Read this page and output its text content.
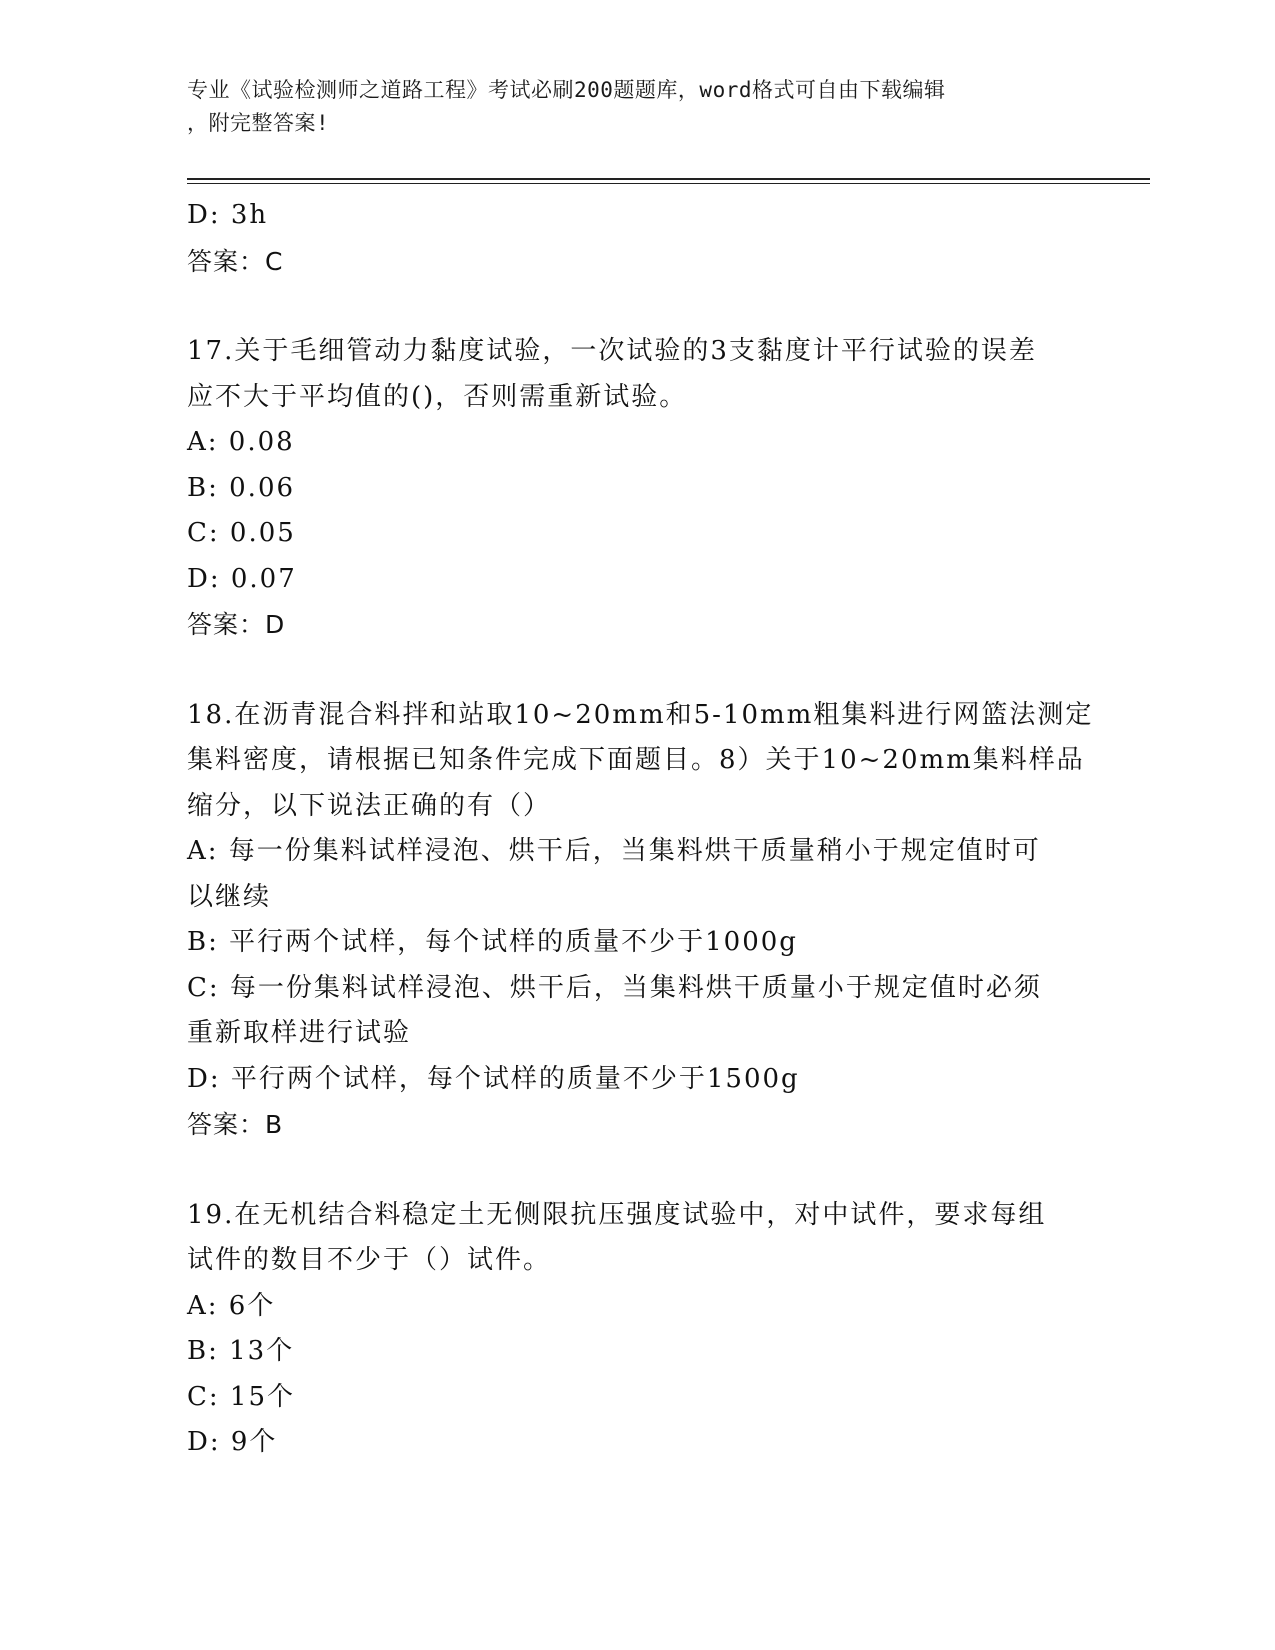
专业《试验检测师之道路工程》考试必刷200题题库，word格式可自由下载编辑
，附完整答案!
D: 3h
答案：C
17.关于毛细管动力黏度试验，一次试验的3支黏度计平行试验的误差
应不大于平均值的()，否则需重新试验。
A: 0.08
B: 0.06
C: 0.05
D: 0.07
答案：D
18.在沥青混合料拌和站取10~20mm和5-10mm粗集料进行网篮法测定
集料密度，请根据已知条件完成下面题目。8）关于10~20mm集料样品
缩分，以下说法正确的有（）
A: 每一份集料试样浸泡、烘干后，当集料烘干质量稍小于规定值时可
以继续
B: 平行两个试样，每个试样的质量不少于1000g
C: 每一份集料试样浸泡、烘干后，当集料烘干质量小于规定值时必须
重新取样进行试验
D: 平行两个试样，每个试样的质量不少于1500g
答案：B
19.在无机结合料稳定土无侧限抗压强度试验中，对中试件，要求每组
试件的数目不少于（）试件。
A: 6个
B: 13个
C: 15个
D: 9个
